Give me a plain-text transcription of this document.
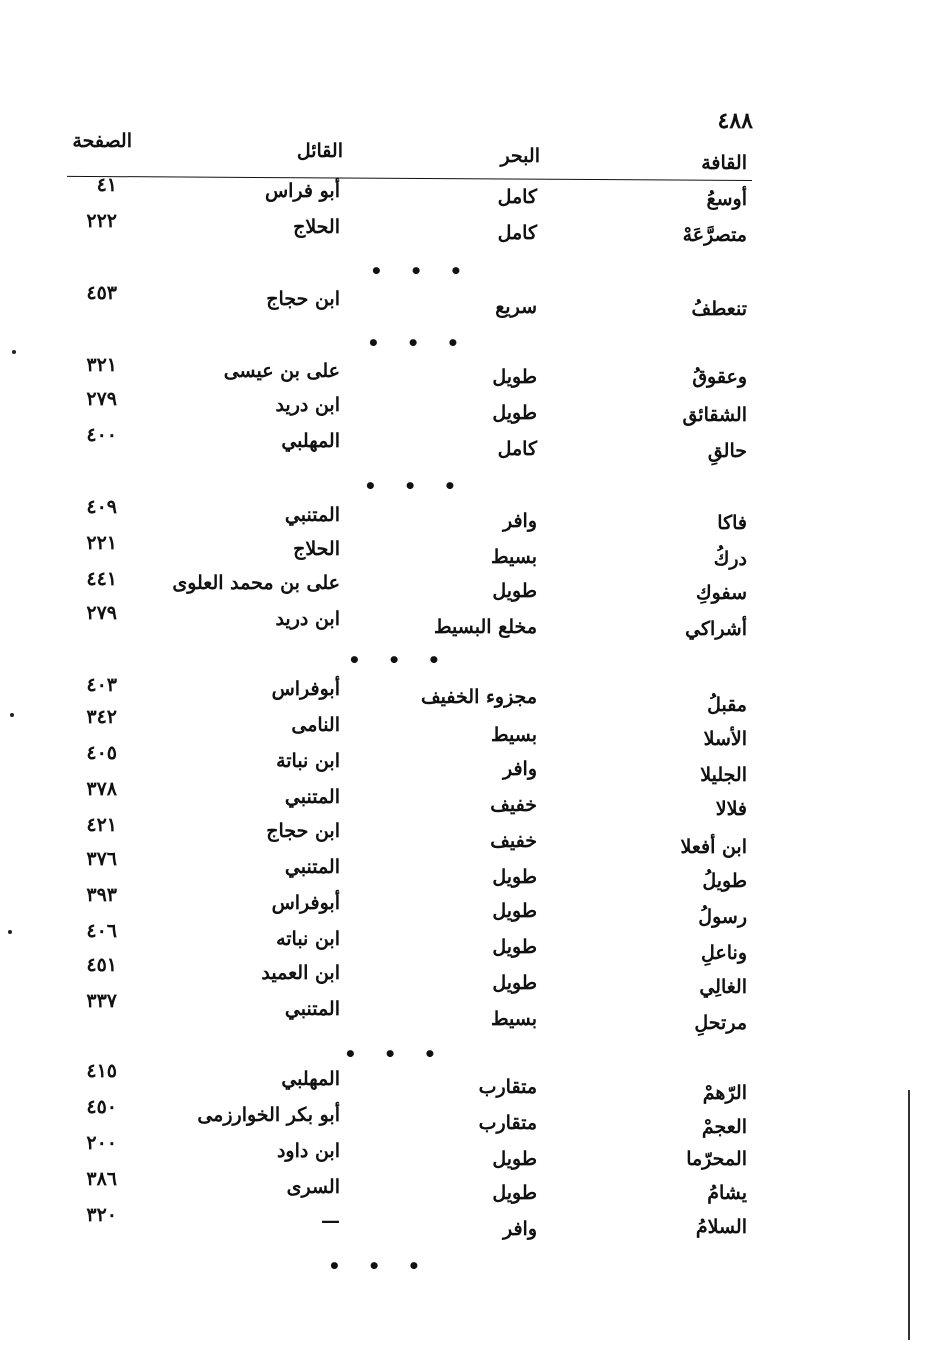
٤٨٨
القافة
البحر
القائل
الصفحة
• • •
• • •
• • •
• • •
• • •
• • •
أوسعُ
كامل
أبو فراس
٤١
متصرَّعَهْ
كامل
الحلاج
٢٢٢
تنعطفُ
سريع
ابن حجاج
٤٥٣
وعقوقُ
طويل
على بن عيسى
٣٢١
الشقائق
طويل
ابن دريد
٢٧٩
حالقِ
كامل
المهلبي
٤٠٠
فاكا
وافر
المتنبي
٤٠٩
دركُ
بسيط
الحلاج
٢٢١
سفوكِ
طويل
على بن محمد العلوى
٤٤١
أشراكي
مخلع البسيط
ابن دريد
٢٧٩
مقبلُ
مجزوء الخفيف
أبوفراس
٤٠٣
الأسلا
بسيط
النامى
٣٤٢
الجليلا
وافر
ابن نباتة
٤٠٥
فلالا
خفيف
المتنبي
٣٧٨
ابن أفعلا
خفيف
ابن حجاج
٤٢١
طويلُ
طويل
المتنبي
٣٧٦
رسولُ
طويل
أبوفراس
٣٩٣
وناعلِ
طويل
ابن نباته
٤٠٦
الغالِي
طويل
ابن العميد
٤٥١
مرتحلِ
بسيط
المتنبي
٣٣٧
الرّهمْ
متقارب
المهلبي
٤١٥
العجمْ
متقارب
أبو بكر الخوارزمى
٤٥٠
المحرّما
طويل
ابن داود
٢٠٠
يشامُ
طويل
السرى
٣٨٦
السلامُ
وافر
—
٣٢٠
